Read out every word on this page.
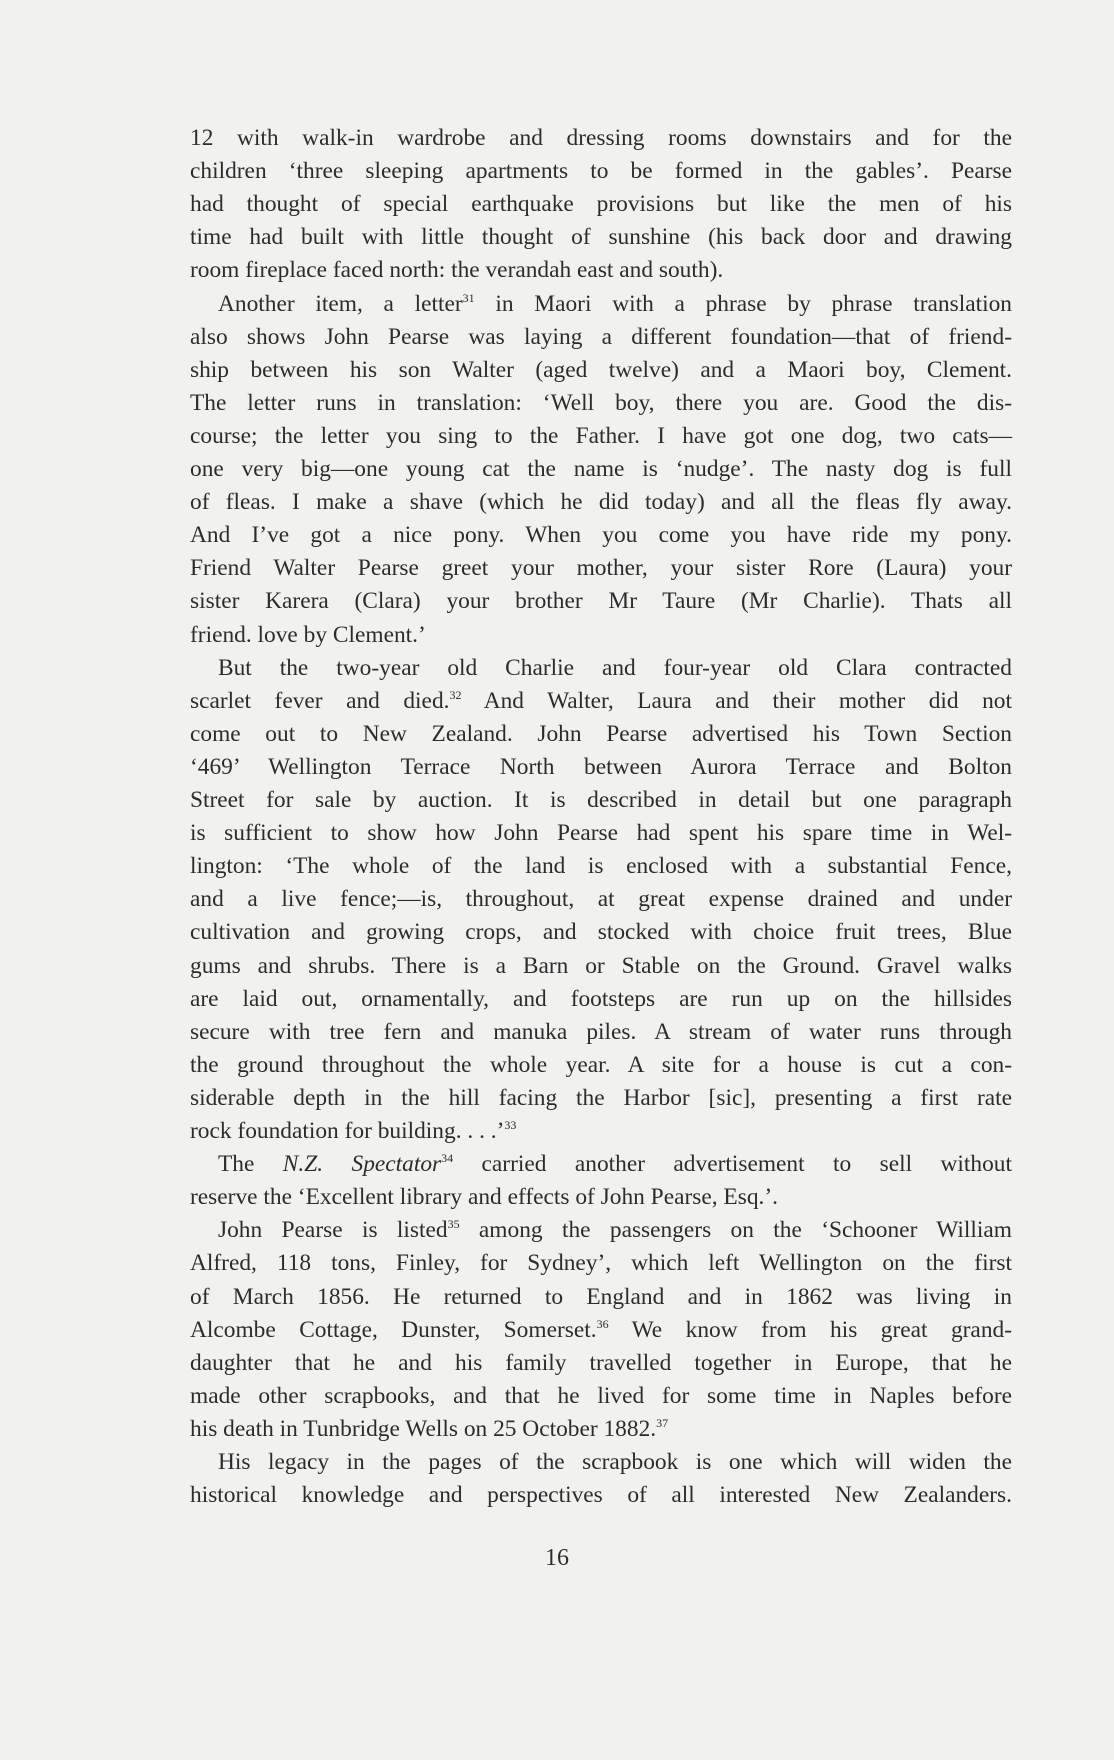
12 with walk-in wardrobe and dressing rooms downstairs and for the
children ‘three sleeping apartments to be formed in the gables’. Pearse
had thought of special earthquake provisions but like the men of his
time had built with little thought of sunshine (his back door and drawing
room fireplace faced north: the verandah east and south).
Another item, a letter$^{31}$ in Maori with a phrase by phrase translation
also shows John Pearse was laying a different foundation—that of friend-
ship between his son Walter (aged twelve) and a Maori boy, Clement.
The letter runs in translation: ‘Well boy, there you are. Good the dis-
course; the letter you sing to the Father. I have got one dog, two cats—
one very big—one young cat the name is ‘nudge’. The nasty dog is full
of fleas. I make a shave (which he did today) and all the fleas fly away.
And I’ve got a nice pony. When you come you have ride my pony.
Friend Walter Pearse greet your mother, your sister Rore (Laura) your
sister Karera (Clara) your brother Mr Taure (Mr Charlie). Thats all
friend. love by Clement.’
But the two-year old Charlie and four-year old Clara contracted
scarlet fever and died.$^{32}$ And Walter, Laura and their mother did not
come out to New Zealand. John Pearse advertised his Town Section
‘469’ Wellington Terrace North between Aurora Terrace and Bolton
Street for sale by auction. It is described in detail but one paragraph
is sufficient to show how John Pearse had spent his spare time in Wel-
lington: ‘The whole of the land is enclosed with a substantial Fence,
and a live fence;—is, throughout, at great expense drained and under
cultivation and growing crops, and stocked with choice fruit trees, Blue
gums and shrubs. There is a Barn or Stable on the Ground. Gravel walks
are laid out, ornamentally, and footsteps are run up on the hillsides
secure with tree fern and manuka piles. A stream of water runs through
the ground throughout the whole year. A site for a house is cut a con-
siderable depth in the hill facing the Harbor [sic], presenting a first rate
rock foundation for building. . . .’$^{33}$
The N.Z. Spectator$^{34}$ carried another advertisement to sell without
reserve the ‘Excellent library and effects of John Pearse, Esq.’.
John Pearse is listed$^{35}$ among the passengers on the ‘Schooner William
Alfred, 118 tons, Finley, for Sydney’, which left Wellington on the first
of March 1856. He returned to England and in 1862 was living in
Alcombe Cottage, Dunster, Somerset.$^{36}$ We know from his great grand-
daughter that he and his family travelled together in Europe, that he
made other scrapbooks, and that he lived for some time in Naples before
his death in Tunbridge Wells on 25 October 1882.37
His legacy in the pages of the scrapbook is one which will widen the
historical knowledge and perspectives of all interested New Zealanders.
16
